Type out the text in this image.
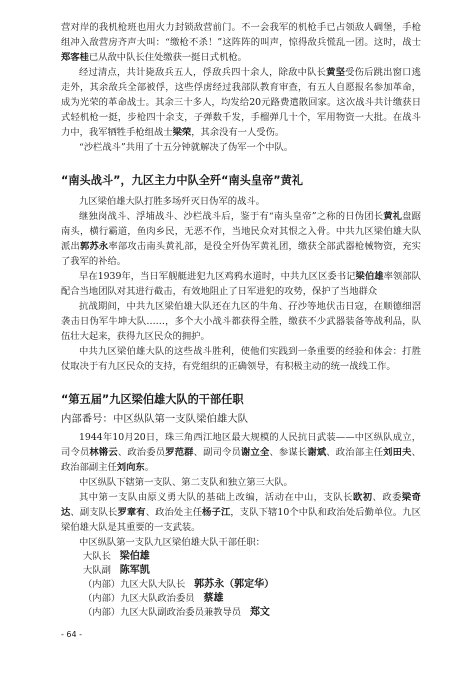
营对岸的我机枪班也用火力封锁敌营前门。不一会我军的机枪手已占领敌人碉堡，手枪组冲入敌营房齐声大叫：“缴枪不杀！”这阵阵的叫声，惊得敌兵慌乱一团。这时，战士郑客桂已从敌中队长住处缴获一挺日式机枪。

经过清点，共计毙敌兵五人，俘敌兵四十余人，除敌中队长黄坚受伤后跳出窗口逃走外，其余敌兵全部被俘，这些俘虏经过我部队教育审查，有五人自愿报名参加革命，成为光荣的革命战士。其余三十多人，均发给20元路费遣散回家。这次战斗共计缴获日式轻机枪一挺，步枪四十余支，子弹数千发，手榴弹几十个，军用物资一大批。在战斗力中，我军牺牲手枪组战士梁荣，其余没有一人受伤。

“沙栏战斗”共用了十五分钟就解决了伪军一个中队。

“南头战斗”，九区主力中队全歼“南头皇帝”黄礼

九区梁伯雄大队打胜多场歼灭日伪军的战斗。

继独岗战斗、浮埔战斗、沙栏战斗后，鉴于有“南头皇帝”之称的日伪团长黄礼盘踞南头，横行霸道，鱼肉乡民，无恶不作，当地民众对其恨之入骨。中共九区梁伯雄大队派出郭苏永率部攻击南头黄礼部，是役全歼伪军黄礼团，缴获全部武器枪械物资，充实了我军的补给。

早在1939年，当日军舰艇进犯九区鸡鸦水道时，中共九区区委书记梁伯雄率领部队配合当地团队对其进行截击，有效地阻止了日军进犯的攻势，保护了当地群众

抗战期间，中共九区梁伯雄大队还在九区的牛角、孖沙等地伏击日寇，在顺德细滘袭击日伪军牛坤大队……，多个大小战斗都获得全胜，缴获不少武器装备等战利品，队伍壮大起来，获得九区民众的拥护。

中共九区梁伯雄大队的这些战斗胜利，使他们实践到一条重要的经验和体会：打胜仗取决于有九区民众的支持，有党组织的正确领导，有积极主动的统一战线工作。

“第五届”九区梁伯雄大队的干部任职
内部番号：中区纵队第一支队梁伯雄大队

1944年10月20日，珠三角西江地区最大规模的人民抗日武装——中区纵队成立，司令员林锵云、政治委员罗范群、副司令员谢立全、参谋长谢斌、政治部主任刘田夫、政治部副主任刘向东。

中区纵队下辖第一支队、第二支队和独立第三大队。

其中第一支队由原义勇大队的基础上改编，活动在中山，支队长欧初、政委梁奇达、副支队长罗章有、政治处主任杨子江，支队下辖10个中队和政治处后勤单位。九区梁伯雄大队是其重要的一支武装。

中区纵队第一支队九区梁伯雄大队干部任职：

大队长 梁伯雄
大队副 陈军凯
（内部）九区大队大队长 郭苏永（郭定华）
（内部）九区大队政治委员 蔡雄
（内部）九区大队副政治委员兼教导员 郑文
- 64 -
